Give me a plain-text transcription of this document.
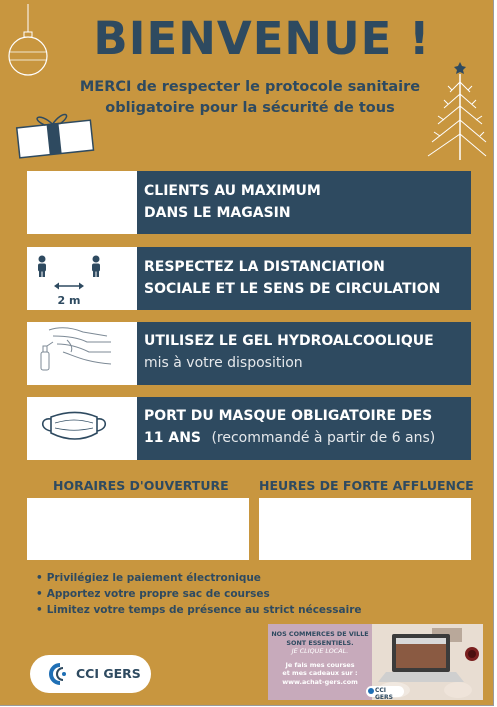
BIENVENUE !
MERCI de respecter le protocole sanitaire
obligatoire pour la sécurité de tous
CLIENTS AU MAXIMUM
DANS LE MAGASIN
2 m
RESPECTEZ LA DISTANCIATION
SOCIALE ET LE SENS DE CIRCULATION
UTILISEZ LE GEL HYDROALCOOLIQUE
mis à votre disposition
PORT DU MASQUE OBLIGATOIRE DES
11 ANS (recommandé à partir de 6 ans)
HORAIRES D'OUVERTURE HEURES DE FORTE AFFLUENCE
• Privilégiez le paiement électronique
• Apportez votre propre sac de courses
• Limitez votre temps de présence au strict nécessaire
CCI GERS
NOS COMMERCES DE VILLE
SONT ESSENTIELS.
JE CLIQUE LOCAL.
Je fais mes courses
et mes cadeaux sur :
www.achat-gers.com
CCI GERS
